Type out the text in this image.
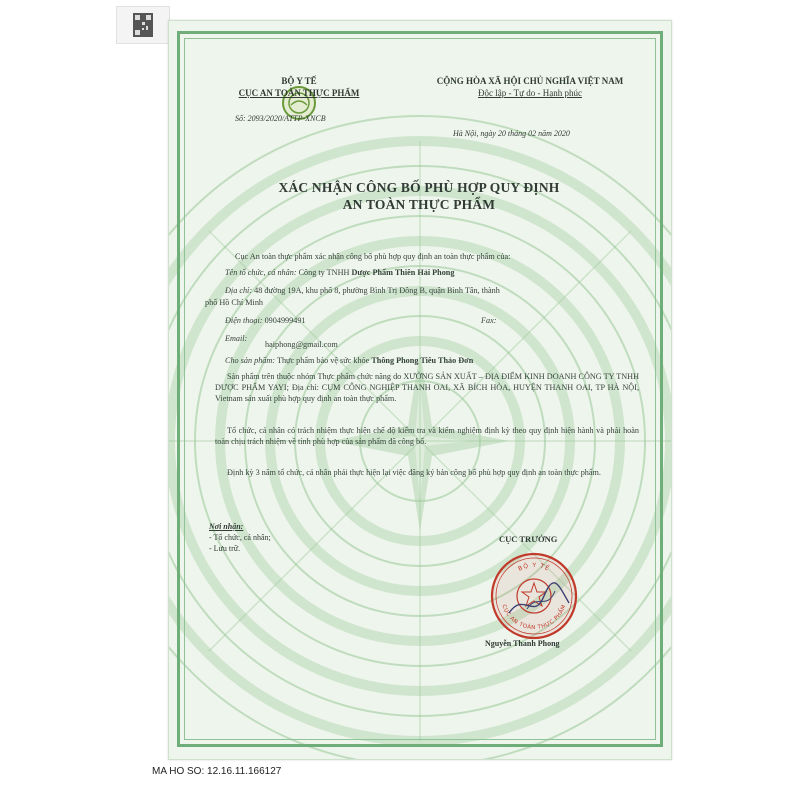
BỘ Y TẾ
CỤC AN TOÀN THỰC PHẨM
Số: 2093/2020/ATTP-XNCB
CỘNG HÒA XÃ HỘI CHỦ NGHĨA VIỆT NAM
Độc lập - Tự do - Hạnh phúc
Hà Nội, ngày 20 tháng 02 năm 2020
XÁC NHẬN CÔNG BỐ PHÙ HỢP QUY ĐỊNH
AN TOÀN THỰC PHẨM
Cục An toàn thực phẩm xác nhận công bố phù hợp quy định an toàn thực phẩm của:
Tên tổ chức, cá nhân: Công ty TNHH Dược Phẩm Thiên Hải Phong
Địa chỉ: 48 đường 19A, khu phố 8, phường Bình Trị Đông B, quận Bình Tân, thành
phố Hồ Chí Minh
Điện thoại: 0904999491	Fax:
Email:
haiphong@gmail.com
Cho sản phẩm: Thực phẩm bảo vệ sức khỏe Thông Phong Tiêu Thảo Đơn
Sản phẩm trên thuộc nhóm Thực phẩm chức năng do XƯỞNG SẢN XUẤT – ĐỊA ĐIỂM KINH DOANH CÔNG TY TNHH DƯỢC PHẨM YAYI; Địa chỉ: CỤM CÔNG NGHIỆP THANH OAI, XÃ BÍCH HÒA, HUYỆN THANH OAI, TP HÀ NỘI, Vietnam sản xuất phù hợp quy định an toàn thực phẩm.
Tổ chức, cá nhân có trách nhiệm thực hiện chế độ kiểm tra và kiểm nghiệm định kỳ theo quy định hiện hành và phải hoàn toàn chịu trách nhiệm về tính phù hợp của sản phẩm đã công bố.
Định kỳ 3 năm tổ chức, cá nhân phải thực hiện lại việc đăng ký bản công bố phù hợp quy định an toàn thực phẩm.
Nơi nhận:
- Tổ chức, cá nhân;
- Lưu trữ.
CỤC TRƯỞNG
BỘ Y TẾ
CỤC AN TOÀN THỰC PHẨM
Nguyễn Thanh Phong
MA HO SO: 12.16.11.166127
